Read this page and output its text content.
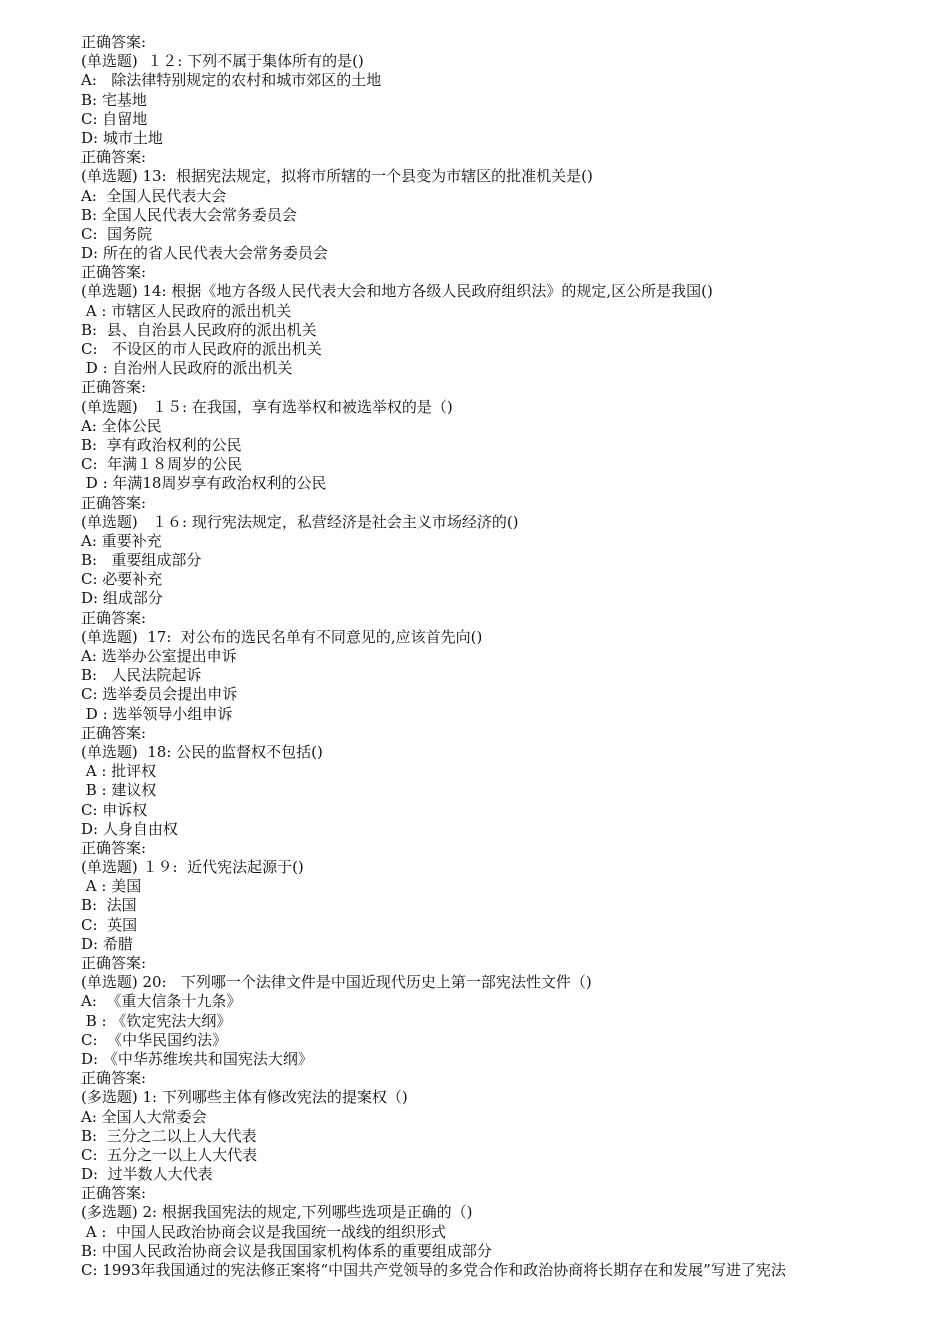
正确答案:
(单选题)  １２: 下列不属于集体所有的是()
A:   除法律特别规定的农村和城市郊区的土地
B: 宅基地
C: 自留地
D: 城市土地
正确答案:
(单选题) 13:  根据宪法规定，拟将市所辖的一个县变为市辖区的批准机关是()
A:  全国人民代表大会
B: 全国人民代表大会常务委员会
C:  国务院
D: 所在的省人民代表大会常务委员会
正确答案:
(单选题) 14: 根据《地方各级人民代表大会和地方各级人民政府组织法》的规定,区公所是我国()
A : 市辖区人民政府的派出机关
B:  县、自治县人民政府的派出机关
C:   不设区的市人民政府的派出机关
D : 自治州人民政府的派出机关
正确答案:
(单选题)   １５: 在我国，享有选举权和被选举权的是（)
A: 全体公民
B:  享有政治权利的公民
C:  年满１８周岁的公民
D : 年满18周岁享有政治权利的公民
正确答案:
(单选题)   １６: 现行宪法规定，私营经济是社会主义市场经济的()
A: 重要补充
B:   重要组成部分
C: 必要补充
D: 组成部分
正确答案:
(单选题)  17:  对公布的选民名单有不同意见的,应该首先向()
A: 选举办公室提出申诉
B:   人民法院起诉
C: 选举委员会提出申诉
D : 选举领导小组申诉
正确答案:
(单选题)  18: 公民的监督权不包括()
A : 批评权
B : 建议权
C: 申诉权
D: 人身自由权
正确答案:
(单选题) １９:  近代宪法起源于()
A : 美国
B:  法国
C:  英国
D: 希腊
正确答案:
(单选题) 20:   下列哪一个法律文件是中国近现代历史上第一部宪法性文件（)
A:  《重大信条十九条》
B : 《钦定宪法大纲》
C:  《中华民国约法》
D: 《中华苏维埃共和国宪法大纲》
正确答案:
(多选题) 1: 下列哪些主体有修改宪法的提案权（)
A: 全国人大常委会
B:  三分之二以上人大代表
C:  五分之一以上人大代表
D:  过半数人大代表
正确答案:
(多选题) 2: 根据我国宪法的规定,下列哪些选项是正确的（)
A :  中国人民政治协商会议是我国统一战线的组织形式
B: 中国人民政治协商会议是我国国家机构体系的重要组成部分
C: 1993年我国通过的宪法修正案将“中国共产党领导的多党合作和政治协商将长期存在和发展”写进了宪法
